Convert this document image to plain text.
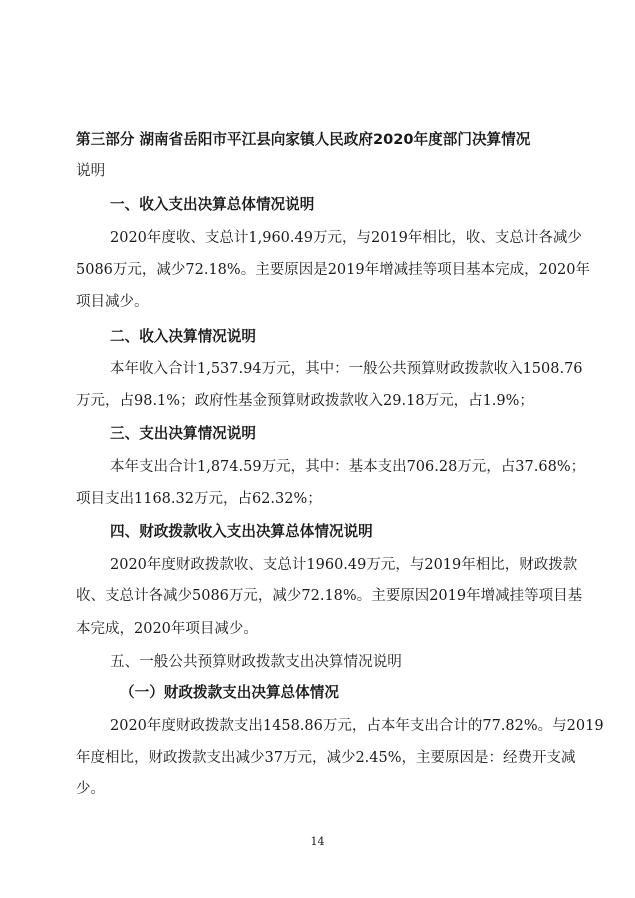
第三部分 湖南省岳阳市平江县向家镇人民政府2020年度部门决算情况
说明
一、收入支出决算总体情况说明
2020年度收、支总计1,960.49万元，与2019年相比，收、支总计各减少
5086万元，减少72.18%。主要原因是2019年增减挂等项目基本完成，2020年
项目减少。
二、收入决算情况说明
本年收入合计1,537.94万元，其中：一般公共预算财政拨款收入1508.76
万元，占98.1%；政府性基金预算财政拨款收入29.18万元，占1.9%；
三、支出决算情况说明
本年支出合计1,874.59万元，其中：基本支出706.28万元，占37.68%；
项目支出1168.32万元，占62.32%；
四、财政拨款收入支出决算总体情况说明
2020年度财政拨款收、支总计1960.49万元，与2019年相比，财政拨款
收、支总计各减少5086万元，减少72.18%。主要原因2019年增减挂等项目基
本完成，2020年项目减少。
五、一般公共预算财政拨款支出决算情况说明
（一）财政拨款支出决算总体情况
2020年度财政拨款支出1458.86万元，占本年支出合计的77.82%。与2019
年度相比，财政拨款支出减少37万元，减少2.45%，主要原因是：经费开支减
少。
14
